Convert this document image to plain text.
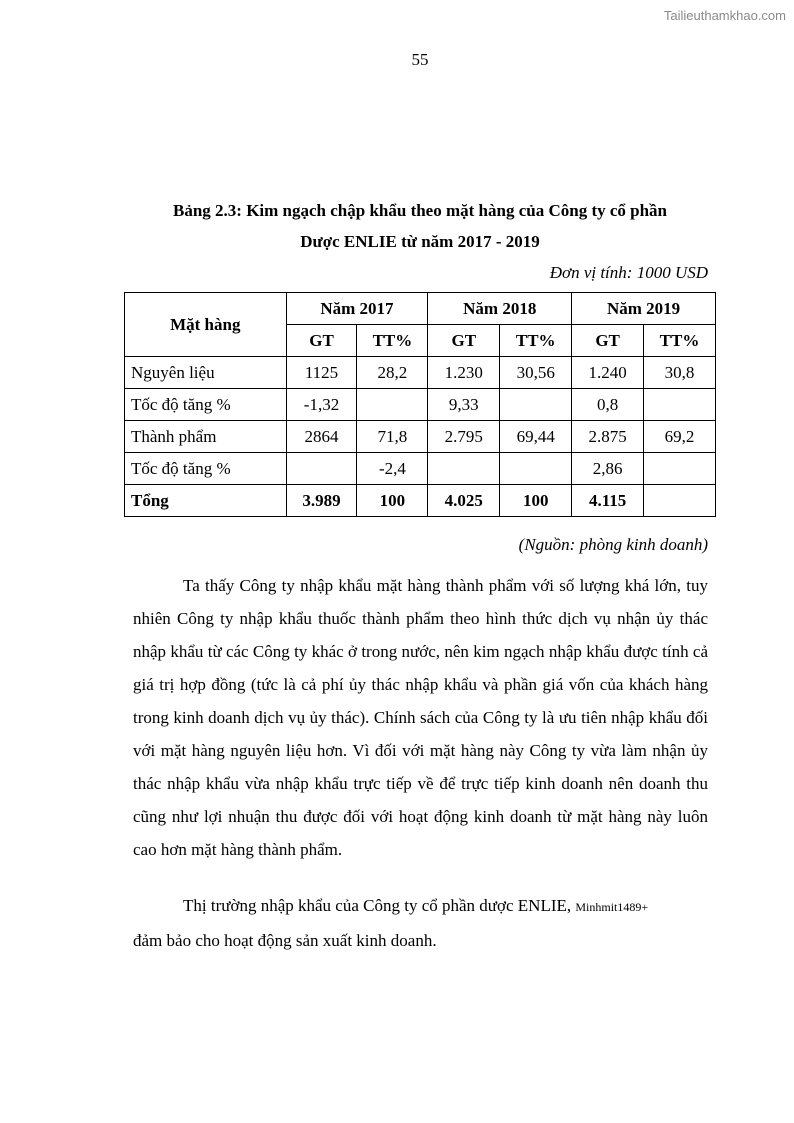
Tailieuthamkhao.com
55
Bảng 2.3: Kim ngạch chập khẩu theo mặt hàng của Công ty cổ phần
Dược ENLIE từ năm 2017 - 2019
Đơn vị tính: 1000 USD
Mặt hàng	Năm 2017		Năm 2018		Năm 2019	
	GT	TT%	GT	TT%	GT	TT%
Nguyên liệu	1125	28,2	1.230	30,56	1.240	30,8
Tốc độ tăng %	-1,32		9,33		0,8	
Thành phẩm	2864	71,8	2.795	69,44	2.875	69,2
Tốc độ tăng %		-2,4			2,86	
Tổng	3.989	100	4.025	100	4.115	
(Nguồn: phòng kinh doanh)

Ta thấy Công ty nhập khẩu mặt hàng thành phẩm với số lượng khá lớn, tuy nhiên Công ty nhập khẩu thuốc thành phẩm theo hình thức dịch vụ nhận ủy thác nhập khẩu từ các Công ty khác ở trong nước, nên kim ngạch nhập khẩu được tính cả giá trị hợp đồng (tức là cả phí ủy thác nhập khẩu và phần giá vốn của khách hàng trong kinh doanh dịch vụ ủy thác). Chính sách của Công ty là ưu tiên nhập khẩu đối với mặt hàng nguyên liệu hơn. Vì đối với mặt hàng này Công ty vừa làm nhận ủy thác nhập khẩu vừa nhập khẩu trực tiếp về để trực tiếp kinh doanh nên doanh thu cũng như lợi nhuận thu được đối với hoạt động kinh doanh từ mặt hàng này luôn cao hơn mặt hàng thành phẩm.

Thị trường nhập khẩu của Công ty cổ phần dược ENLIE, Minhmit1489+
đảm bảo cho hoạt động sản xuất kinh doanh.
